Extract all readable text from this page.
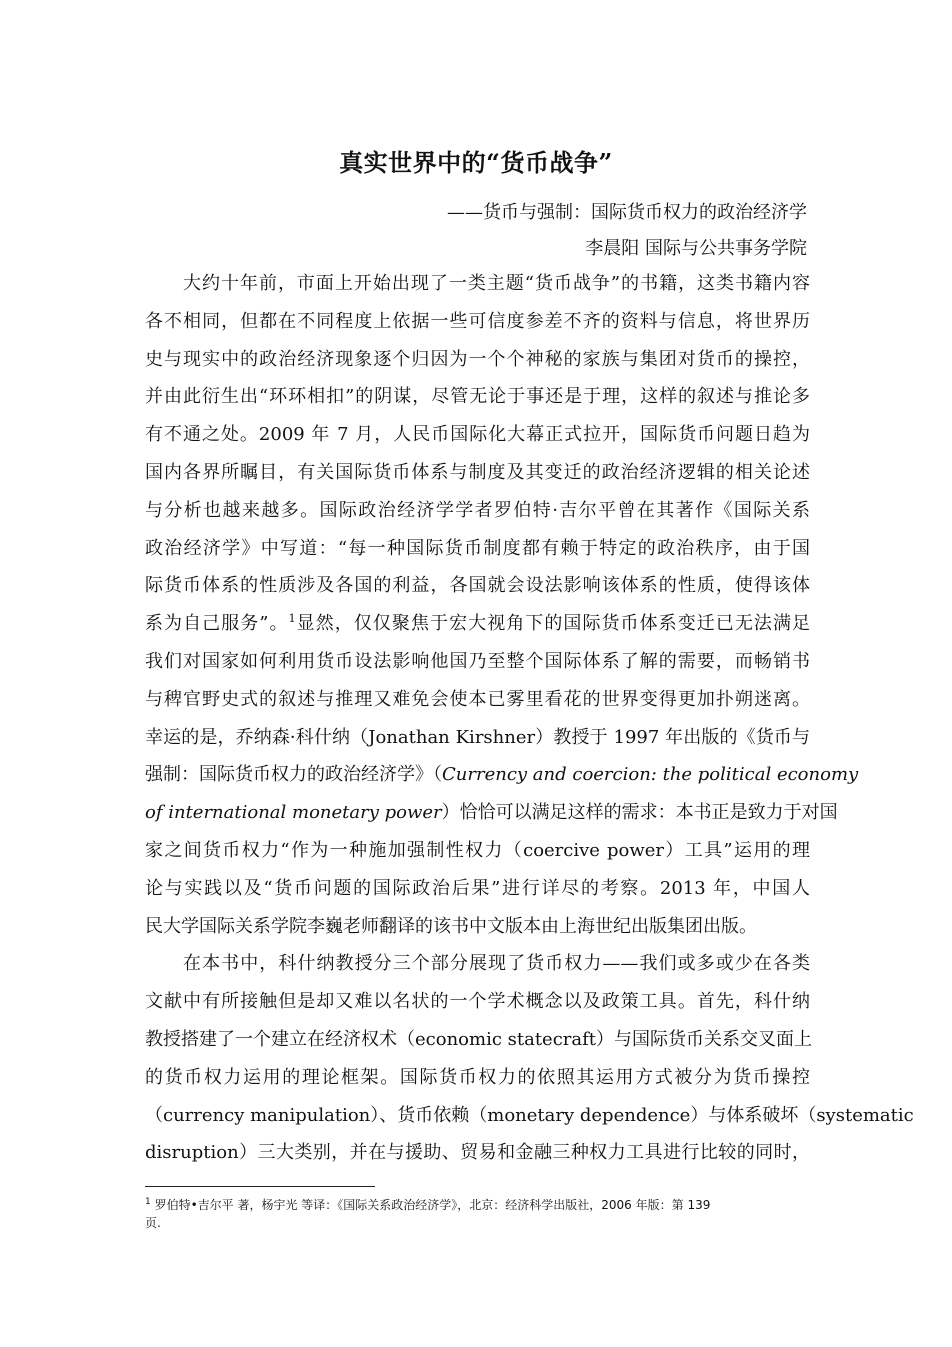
真实世界中的“货币战争”
——货币与强制：国际货币权力的政治经济学
李晨阳 国际与公共事务学院
大约十年前，市面上开始出现了一类主题“货币战争”的书籍，这类书籍内容
各不相同，但都在不同程度上依据一些可信度参差不齐的资料与信息，将世界历
史与现实中的政治经济现象逐个归因为一个个神秘的家族与集团对货币的操控，
并由此衍生出“环环相扣”的阴谋，尽管无论于事还是于理，这样的叙述与推论多
有不通之处。2009 年 7 月，人民币国际化大幕正式拉开，国际货币问题日趋为
国内各界所瞩目，有关国际货币体系与制度及其变迁的政治经济逻辑的相关论述
与分析也越来越多。国际政治经济学学者罗伯特·吉尔平曾在其著作《国际关系
政治经济学》中写道：“每一种国际货币制度都有赖于特定的政治秩序，由于国
际货币体系的性质涉及各国的利益，各国就会设法影响该体系的性质，使得该体
系为自己服务”。$^1$显然，仅仅聚焦于宏大视角下的国际货币体系变迁已无法满足
我们对国家如何利用货币设法影响他国乃至整个国际体系了解的需要，而畅销书
与稗官野史式的叙述与推理又难免会使本已雾里看花的世界变得更加扑朔迷离。
幸运的是，乔纳森·科什纳（Jonathan Kirshner）教授于 1997 年出版的《货币与
强制：国际货币权力的政治经济学》（Currency and coercion: the political economy
of international monetary power）恰恰可以满足这样的需求：本书正是致力于对国
家之间货币权力“作为一种施加强制性权力（coercive power）工具”运用的理
论与实践以及“货币问题的国际政治后果”进行详尽的考察。2013 年，中国人
民大学国际关系学院李巍老师翻译的该书中文版本由上海世纪出版集团出版。
在本书中，科什纳教授分三个部分展现了货币权力——我们或多或少在各类
文献中有所接触但是却又难以名状的一个学术概念以及政策工具。首先，科什纳
教授搭建了一个建立在经济权术（economic statecraft）与国际货币关系交叉面上
的货币权力运用的理论框架。国际货币权力的依照其运用方式被分为货币操控
（currency manipulation）、货币依赖（monetary dependence）与体系破坏（systematic
disruption）三大类别，并在与援助、贸易和金融三种权力工具进行比较的同时，
$^1$ 罗伯特•吉尔平 著，杨宇光 等译：《国际关系政治经济学》，北京：经济科学出版社，2006 年版：第 139
页.
